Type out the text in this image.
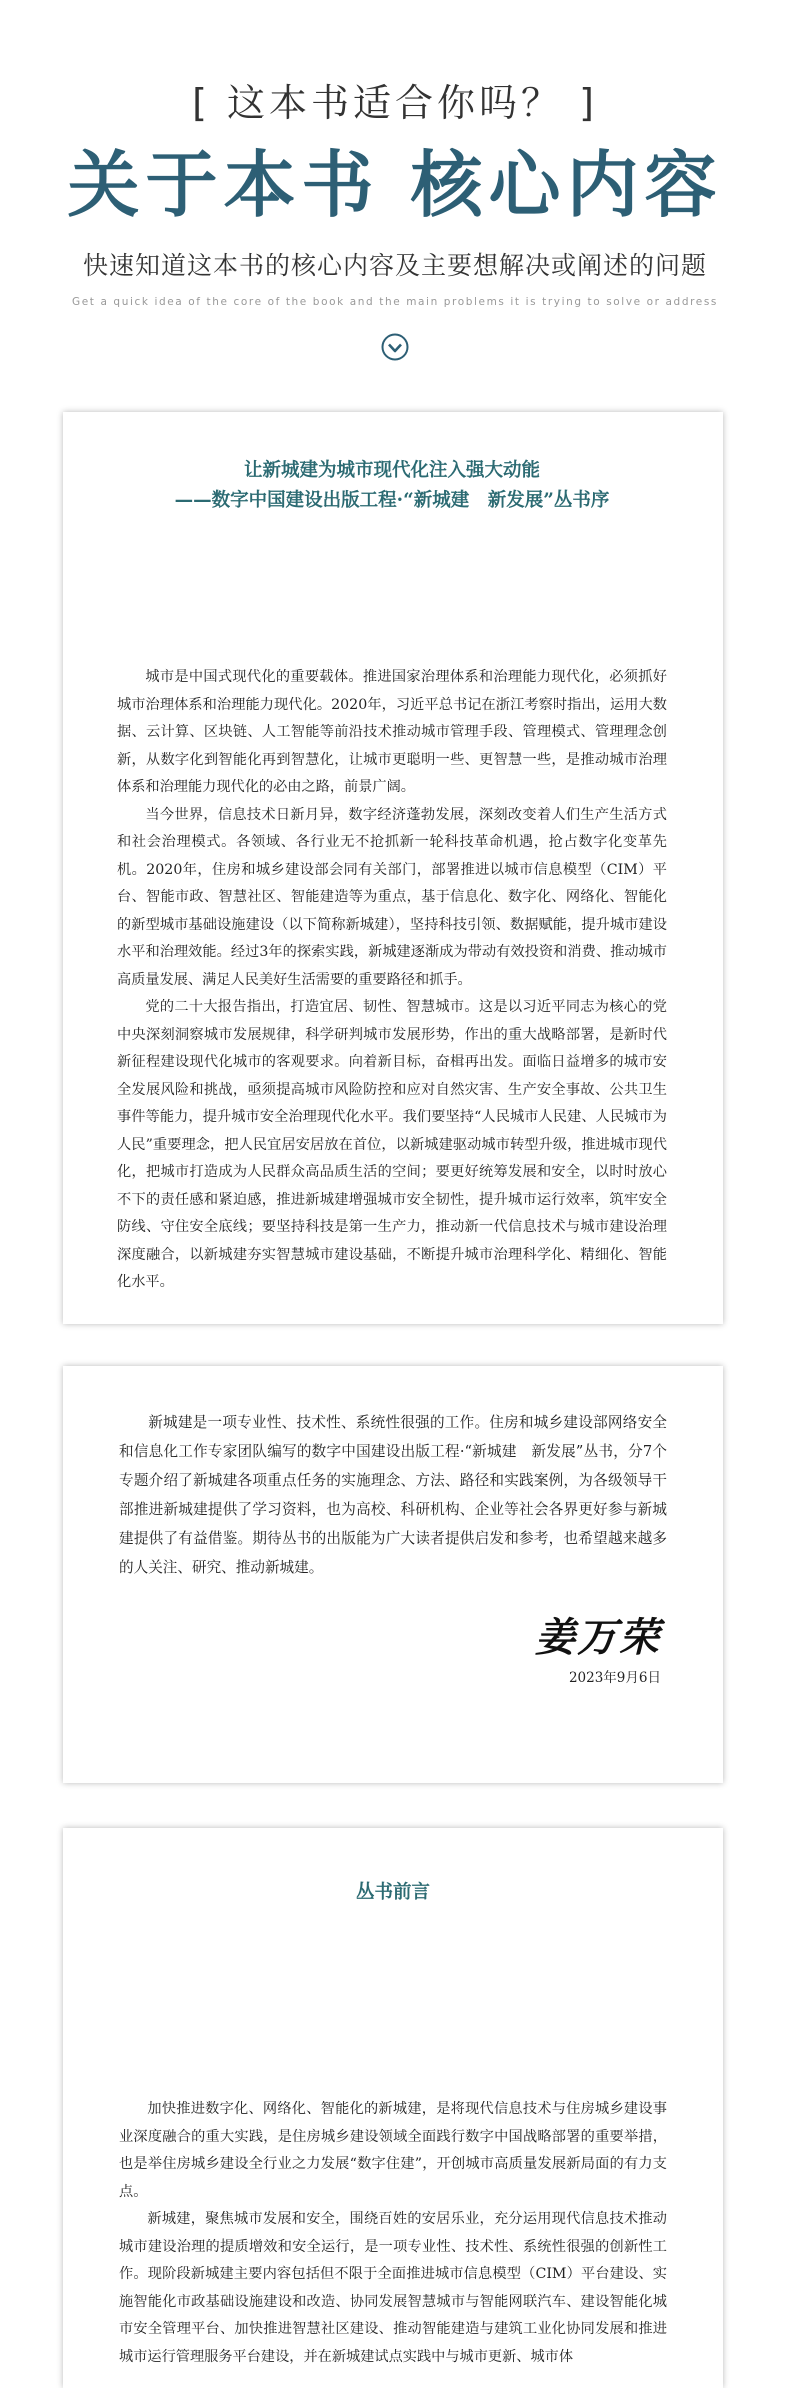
[ 这本书适合你吗？ ]

关于本书 核心内容

快速知道这本书的核心内容及主要想解决或阐述的问题

Get a quick idea of the core of the book and the main problems it is trying to solve or address

让新城建为城市现代化注入强大动能

——数字中国建设出版工程·“新城建　新发展”丛书序

城市是中国式现代化的重要载体。推进国家治理体系和治理能力现代化，必须抓好城市治理体系和治理能力现代化。2020年，习近平总书记在浙江考察时指出，运用大数据、云计算、区块链、人工智能等前沿技术推动城市管理手段、管理模式、管理理念创新，从数字化到智能化再到智慧化，让城市更聪明一些、更智慧一些，是推动城市治理体系和治理能力现代化的必由之路，前景广阔。

当今世界，信息技术日新月异，数字经济蓬勃发展，深刻改变着人们生产生活方式和社会治理模式。各领域、各行业无不抢抓新一轮科技革命机遇，抢占数字化变革先机。2020年，住房和城乡建设部会同有关部门，部署推进以城市信息模型（CIM）平台、智能市政、智慧社区、智能建造等为重点，基于信息化、数字化、网络化、智能化的新型城市基础设施建设（以下简称新城建），坚持科技引领、数据赋能，提升城市建设水平和治理效能。经过3年的探索实践，新城建逐渐成为带动有效投资和消费、推动城市高质量发展、满足人民美好生活需要的重要路径和抓手。

党的二十大报告指出，打造宜居、韧性、智慧城市。这是以习近平同志为核心的党中央深刻洞察城市发展规律，科学研判城市发展形势，作出的重大战略部署，是新时代新征程建设现代化城市的客观要求。向着新目标，奋楫再出发。面临日益增多的城市安全发展风险和挑战，亟须提高城市风险防控和应对自然灾害、生产安全事故、公共卫生事件等能力，提升城市安全治理现代化水平。我们要坚持“人民城市人民建、人民城市为人民”重要理念，把人民宜居安居放在首位，以新城建驱动城市转型升级，推进城市现代化，把城市打造成为人民群众高品质生活的空间；要更好统筹发展和安全，以时时放心不下的责任感和紧迫感，推进新城建增强城市安全韧性，提升城市运行效率，筑牢安全防线、守住安全底线；要坚持科技是第一生产力，推动新一代信息技术与城市建设治理深度融合，以新城建夯实智慧城市建设基础，不断提升城市治理科学化、精细化、智能化水平。

新城建是一项专业性、技术性、系统性很强的工作。住房和城乡建设部网络安全和信息化工作专家团队编写的数字中国建设出版工程·“新城建　新发展”丛书，分7个专题介绍了新城建各项重点任务的实施理念、方法、路径和实践案例，为各级领导干部推进新城建提供了学习资料，也为高校、科研机构、企业等社会各界更好参与新城建提供了有益借鉴。期待丛书的出版能为广大读者提供启发和参考，也希望越来越多的人关注、研究、推动新城建。

姜万荣
2023年9月6日

丛书前言

加快推进数字化、网络化、智能化的新城建，是将现代信息技术与住房城乡建设事业深度融合的重大实践，是住房城乡建设领域全面践行数字中国战略部署的重要举措，也是举住房城乡建设全行业之力发展“数字住建”，开创城市高质量发展新局面的有力支点。

新城建，聚焦城市发展和安全，围绕百姓的安居乐业，充分运用现代信息技术推动城市建设治理的提质增效和安全运行，是一项专业性、技术性、系统性很强的创新性工作。现阶段新城建主要内容包括但不限于全面推进城市信息模型（CIM）平台建设、实施智能化市政基础设施建设和改造、协同发展智慧城市与智能网联汽车、建设智能化城市安全管理平台、加快推进智慧社区建设、推动智能建造与建筑工业化协同发展和推进城市运行管理服务平台建设，并在新城建试点实践中与城市更新、城市体
